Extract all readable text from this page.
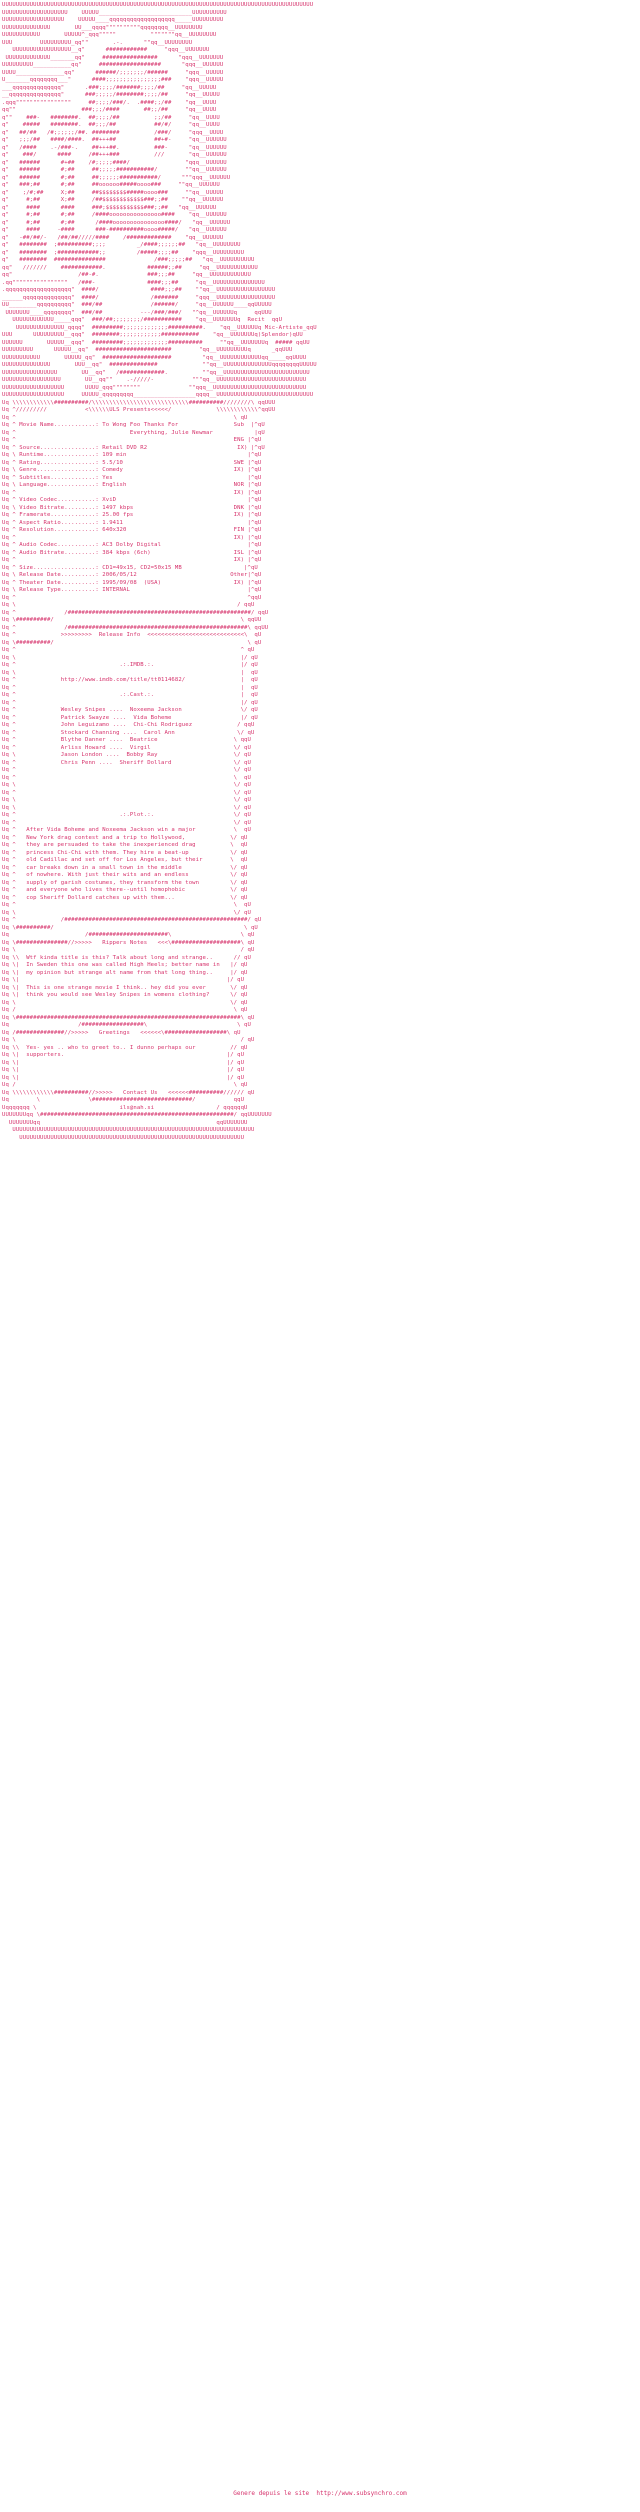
UUUUUUUUUUUUUUUUUUUUUUUUUUUUUUUUUUUUUUUUUUUUUUUUUUUUUUUUUUUUUUUUUUUUUUUUUUUUUUUUUUUUUUUUUU
UUUUUUUUUUUUUUUUUUU    UUUUU___________________________UUUUUUUUUU
UUUUUUUUUUUUUUUUUU    UUUUU____qqqqqqqqqqqqqqqqqqq_____UUUUUUUUU
UUUUUUUUUUUUUU       UU___qqqq""""""""""qqqqqqqq__UUUUUUUU
UUUUUUUUUUU       UUUUU^_qqq"""""          """""""qq__UUUUUUUU
UUU        UUUUUUUUU_qq""       .-.      ""qq__UUUUUUUU
UUUUUUUUUUUUUUUUU__q"      ############     "qqq__UUUUUUU
UUUUUUUUUUUUU_______qq"     ################      "qqq__UUUUUUU
UUUUUUUUU___________qq"     ##################      "qqq__UUUUUU
UUUU______________qq"      ######/;;;;;;;/######     "qqq__UUUUU
U_______qqqqqqqq___"      ####;;;;;;;;;;;;;;;;###    "qqq__UUUUU
___qqqqqqqqqqqqqq"      .###;;;;/#######;;;;/##     "qq__UUUUU
__qqqqqqqqqqqqqqq"      ###;;;;;/########;;;;/##     "qq__UUUUU
.qqq""""""""""""""""     ##;;;;/###/.  .####;;/##    "qq__UUUU
qq""                   ###;;;/####       ##;;/##     "qq__UUUU
q""    ###-   ########.  ##;;;;/##          ;;/##     "qq__UUUU
q"    #####   ########.  ##;;;/##           ##/#/     "qq__UUUU
q"   ##/##   /#;;;;;;/##. ########          /###/     "qqq__UUUU
q"   ;;;/##   ####/####.  ##+++##           ##+#-     "qq__UUUUUU
q"   /####    .-/###-.    ##+++##.          ###-      "qq__UUUUUU
q"    ###/      ####     /##+++###          ///       "qq__UUUUUU
q"   ######      #+##    /#;;;;;####/                "qqq__UUUUUU
q"   ######      #;##     ##;;;;;###########/        ""qq__UUUUUU
q"   ######      #;##     ##;;;;;;###########/      """qqq__UUUUUU
q"   ###;##      #;##     ##oooooo#####oooo###     ""qq__UUUUUU
q"    ;/#;##     X;##     ##$$$$$$$$#####oooo###     ""qq__UUUUU
q"     #;##      X;##     /##$$$$$$$$$$$$###;;##    ""qq__UUUUUU
q"     ####      ####     ###;$$$$$$$$$$$###;;##   "qq__UUUUUU
q"     #;##      #;##     /####ooooooooooooooo####    "qq__UUUUUU
q"     #;##      #;##      /####ooooooooooooooo####/   "qq__UUUUUU
q"     ####     -####      ###-##########oooo#####/   "qq__UUUUUU
q"   -##/##/-   /##/##/////####    /#############    "qq__UUUUUU
q"   ########  ;##########;;;;         _/####;;;;;;##   "qq__UUUUUUUU
q"   ########  ;############;;         /#####;;;;##    "qqq__UUUUUUUUU
q"   ########  ###############              /###;;;;;##   "qq__UUUUUUUUUU
qq"   ///////    ############.            ######;;##     "qq__UUUUUUUUUUUU
qq"                   /##-#.              ###;;;##     "qq__UUUUUUUUUUUU
.qq""""""""""""""""   /###-               ####;;;##     "qq__UUUUUUUUUUUUUUU
.qqqqqqqqqqqqqqqqqqq"  ####/               ####;;;##    ""qq__UUUUUUUUUUUUUUUUU
______qqqqqqqqqqqqqq"  ####/               /#######     "qqq__UUUUUUUUUUUUUUUUU
UU________qqqqqqqqqq"  ###/##              /######/     "qq__UUUUUU____qqUUUUU
UUUUUUU____qqqqqqqq"  ###/##           ---/###/###/   "^qq__UUUUUUq     qqUUU
UUUUUUUUUUUU_____qqq"  ###/##;;;;;;;;/###########    "qq__UUUUUUUq  Recit  qqU
UUUUUUUUUUUUUU_qqqq"  #########;;;;;;;;;;;;;##########.    "qq__UUUUUUq Mic-Artiste_qqU
UUU      UUUUUUUUU__qqq"  ########;;;;;;;;;;;;###########    "qq__UUUUUUUq)Splendor)qUU
UUUUUU       UUUUU__qqq"  #########;;;;;;;;;;;;;##########     ""qq__UUUUUUUq  ##### qqUU
UUUUUUUUU      UUUUU__qq"  ######################        "qq__UUUUUUUUUq      _qqUUU
UUUUUUUUUUU       UUUUU_qq"  ####################         "qq__UUUUUUUUUUUUqq_____qqUUUU
UUUUUUUUUUUUUU       UUU__qq"  ##############             ""qq__UUUUUUUUUUUUUUqqqqqqqqUUUUU
UUUUUUUUUUUUUUUU       UU__qq"   /#############.          ""qq__UUUUUUUUUUUUUUUUUUUUUUUUU
UUUUUUUUUUUUUUUUU       UU__qq""    .-/////-           """qq__UUUUUUUUUUUUUUUUUUUUUUUUUU
UUUUUUUUUUUUUUUUUU      UUUU_qqq""""""""              ""qqq__UUUUUUUUUUUUUUUUUUUUUUUUUUU
UUUUUUUUUUUUUUUUUU     UUUUU_qqqqqqqqq__________________qqqq__UUUUUUUUUUUUUUUUUUUUUUUUUUUU
Uq \\\\\\\\\\\\##########/\\\\\\\\\\\\\\\\\\\\\\\\\\\\##########////////\ qqUUU
Uq ^/////////           <\\\\\\ULS Presents<<<<</             \\\\\\\\\\\\^qqUU
Uq ^                                                               \ qU
Uq ^ Movie Name............: To Wong Foo Thanks For                Sub  |^qU
Uq ^                                 Everything, Julie Newmar            |qU
Uq ^                                                               ENG |^qU
Uq ^ Source................: Retail DVD R2                          IX) |^qU
Uq \ Runtime...............: 109 min                                   |^qU
Uq ^ Rating................: 5.5/10                                SWE |^qU
Uq \ Genre.................: Comedy                                IX) |^qU
Uq ^ Subtitles.............: Yes                                       |^qU
Uq \ Language..............: English                               NOR |^qU
Uq ^                                                               IX) |^qU
Uq ^ Video Codec...........: XviD                                      |^qU
Uq \ Video Bitrate.........: 1497 kbps                             DNK |^qU
Uq ^ Framerate.............: 25.00 fps                             IX) |^qU
Uq ^ Aspect Ratio..........: 1.9411                                    |^qU
Uq ^ Resolution............: 640x320                               FIN |^qU
Uq ^                                                               IX) |^qU
Uq ^ Audio Codec...........: AC3 Dolby Digital                         |^qU
Uq ^ Audio Bitrate.........: 384 kbps (6ch)                        ISL |^qU
Uq ^                                                               IX) |^qU
Uq ^ Size..................: CD1=49x15, CD2=50x15 MB                  |^qU
Uq \ Release Date..........: 2006/05/12                           Other|^qU
Uq ^ Theater Date..........: 1995/09/08  (USA)                     IX) |^qU
Uq \ Release Type..........: INTERNAL                                  |^qU
Uq ^                                                                   ^qqU
Uq \                                                                / qqU
Uq ^              /#####################################################/ qqU
Uq \##########/                                                      \ qqUU
Uq ^              /####################################################\ qqUU
Uq ^             >>>>>>>>>  Release Info  <<<<<<<<<<<<<<<<<<<<<<<<<<<<\  qU
Uq \##########/                                                        \ qU
Uq ^                                                                 ^ qU
Uq \                                                                 |/ qU
Uq ^                              .:.IMDB.:.                         |/ qU
Uq \                                                                 |  qU
Uq ^             http://www.imdb.com/title/tt0114682/                |  qU
Uq ^                                                                 |  qU
Uq ^                              .:.Cast.:.                         |  qU
Uq ^                                                                 |/ qU
Uq ^             Wesley Snipes ....  Noxeema Jackson                 \/ qU
Uq ^             Patrick Swayze ....  Vida Boheme                    |/ qU
Uq ^             John Leguizamo ....  Chi-Chi Rodriguez             / qqU
Uq ^             Stockard Channing ....  Carol Ann                  \/ qU
Uq ^             Blythe Danner ....  Beatrice                      \ qqU
Uq ^             Arliss Howard ....  Virgil                        \/ qU
Uq \             Jason London ....  Bobby Ray                      \/ qU
Uq ^             Chris Penn ....  Sheriff Dollard                  \/ qU
Uq ^                                                               \/ qU
Uq ^                                                               \  qU
Uq \                                                               \/ qU
Uq ^                                                               \/ qU
Uq \                                                               \/ qU
Uq \                                                               \/ qU
Uq ^                              .:.Plot.:.                       \/ qU
Uq ^                                                               \/ qU
Uq ^   After Vida Boheme and Noxeema Jackson win a major           \  qU
Uq ^   New York drag contest and a trip to Hollywood,             \/ qU
Uq ^   they are persuaded to take the inexperienced drag          \  qU
Uq ^   princess Chi-Chi with them. They hire a beat-up            \/ qU
Uq ^   old Cadillac and set off for Los Angeles, but their        \  qU
Uq ^   car breaks down in a small town in the middle              \/ qU
Uq ^   of nowhere. With just their wits and an endless            \/ qU
Uq ^   supply of garish costumes, they transform the town         \/ qU
Uq ^   and everyone who lives there--until homophobic             \/ qU
Uq ^   cop Sheriff Dollard catches up with them...                \/ qU
Uq ^                                                               \  qU
Uq \                                                               \/ qU
Uq ^             /#####################################################/ qU
Uq \##########/                                                       \ qU
Uq                      /#######################\                    \ qU
Uq \###############//>>>>>   Rippers Notes   <<<\####################\ qU
Uq \                                                                 / qU
Uq \\  Wtf kinda title is this? Talk about long and strange..      // qU
Uq \|  In Sweden this one was called High Heels; better name in   |/ qU
Uq \|  my opinion but strange alt name from that long thing..     |/ qU
Uq \|                                                            |/ qU
Uq \|  This is one strange movie I think.. hey did you ever       \/ qU
Uq \|  think you would see Wesley Snipes in womens clothing?      \/ qU
Uq \                                                              \/ qU
Uq /                                                               \ qU
Uq \#################################################################\ qU
Uq                    /##################\                          \ qU
Uq /##############//>>>>>   Greetings   <<<<<<\##################\ qU
Uq \                                                                 / qU
Uq \\  Yes- yes .. who to greet to.. I dunno perhaps our          // qU
Uq \|  supporters.                                               |/ qU
Uq \|                                                            |/ qU
Uq \|                                                            |/ qU
Uq \|                                                            |/ qU
Uq /                                                               \ qU
Uq \\\\\\\\\\\\##########//>>>>>   Contact Us   <<<<<<##########////// qU
Uq        \              \#############################/           qqU
Uqqqqqqq \                        ils@nah.si                  / qqqqqqU
UUUUUUUqq \########################################################/ qqUUUUUUU
UUUUUUUqq                                                   qqUUUUUUU
UUUUUUUUUUUUUUUUUUUUUUUUUUUUUUUUUUUUUUUUUUUUUUUUUUUUUUUUUUUUUUUUUUUUUU
UUUUUUUUUUUUUUUUUUUUUUUUUUUUUUUUUUUUUUUUUUUUUUUUUUUUUUUUUUUUUUUUU
Genere depuis le site  http://www.subsynchro.com
